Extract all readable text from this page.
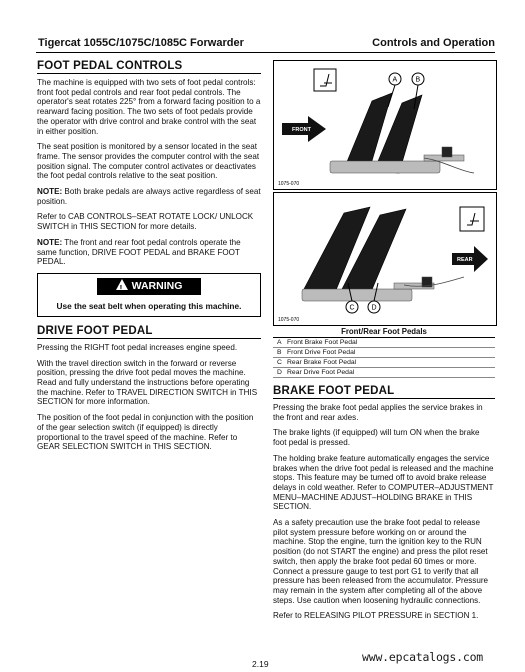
Tigercat 1055C/1075C/1085C Forwarder	Controls and Operation
FOOT PEDAL CONTROLS

The machine is equipped with two sets of foot pedal controls: front foot pedal controls and rear foot pedal controls. The operator's seat rotates 225° from a forward facing position to a rearward facing position. The two sets of foot pedals provide the operator with drive control and brake control with the seat in either position.

The seat position is monitored by a sensor located in the seat frame. The sensor provides the computer control with the seat position signal. The computer control activates or deactivates the foot pedal controls relative to the seat position.

NOTE: Both brake pedals are always active regardless of seat position.

Refer to CAB CONTROLS–SEAT ROTATE LOCK/ UNLOCK SWITCH in THIS SECTION for more details.

NOTE: The front and rear foot pedal controls operate the same function, DRIVE FOOT PEDAL and BRAKE FOOT PEDAL.

! WARNING
Use the seat belt when operating this machine.
DRIVE FOOT PEDAL

Pressing the RIGHT foot pedal increases engine speed.

With the travel direction switch in the forward or reverse position, pressing the drive foot pedal moves the machine. Read and fully understand the instructions before operating the machine. Refer to TRAVEL DIRECTION SWITCH in THIS SECTION for more information.

The position of the foot pedal in conjunction with the position of the gear selection switch (if equipped) is directly proportional to the travel speed of the machine. Refer to GEAR SELECTION SWITCH in THIS SECTION.

FRONT
A	B
1075-070
REAR
C D
1075-070
Front/Rear Foot Pedals
A Front Brake Foot Pedal
B Front Drive Foot Pedal
C Rear Brake Foot Pedal
D Rear Drive Foot Pedal
BRAKE FOOT PEDAL

Pressing the brake foot pedal applies the service brakes in the front and rear axles.

The brake lights (if equipped) will turn ON when the brake foot pedal is pressed.

The holding brake feature automatically engages the service brakes when the drive foot pedal is released and the machine stops. This feature may be turned off to avoid brake release delays in cold weather. Refer to COMPUTER–ADJUSTMENT MENU–MACHINE ADJUST–HOLDING BRAKE in THIS SECTION.

As a safety precaution use the brake foot pedal to release pilot system pressure before working on or around the machine. Stop the engine, turn the ignition key to the RUN position (do not START the engine) and press the pilot reset switch, then apply the brake foot pedal 60 times or more. Connect a pressure gauge to test port G1 to verify that all pressure has been released from the accumulator. Pressure may remain in the system after completing all of the above steps. Use caution when loosening hydraulic connections.

Refer to RELEASING PILOT PRESSURE in SECTION 1.

2.19	www.epcatalogs.com
